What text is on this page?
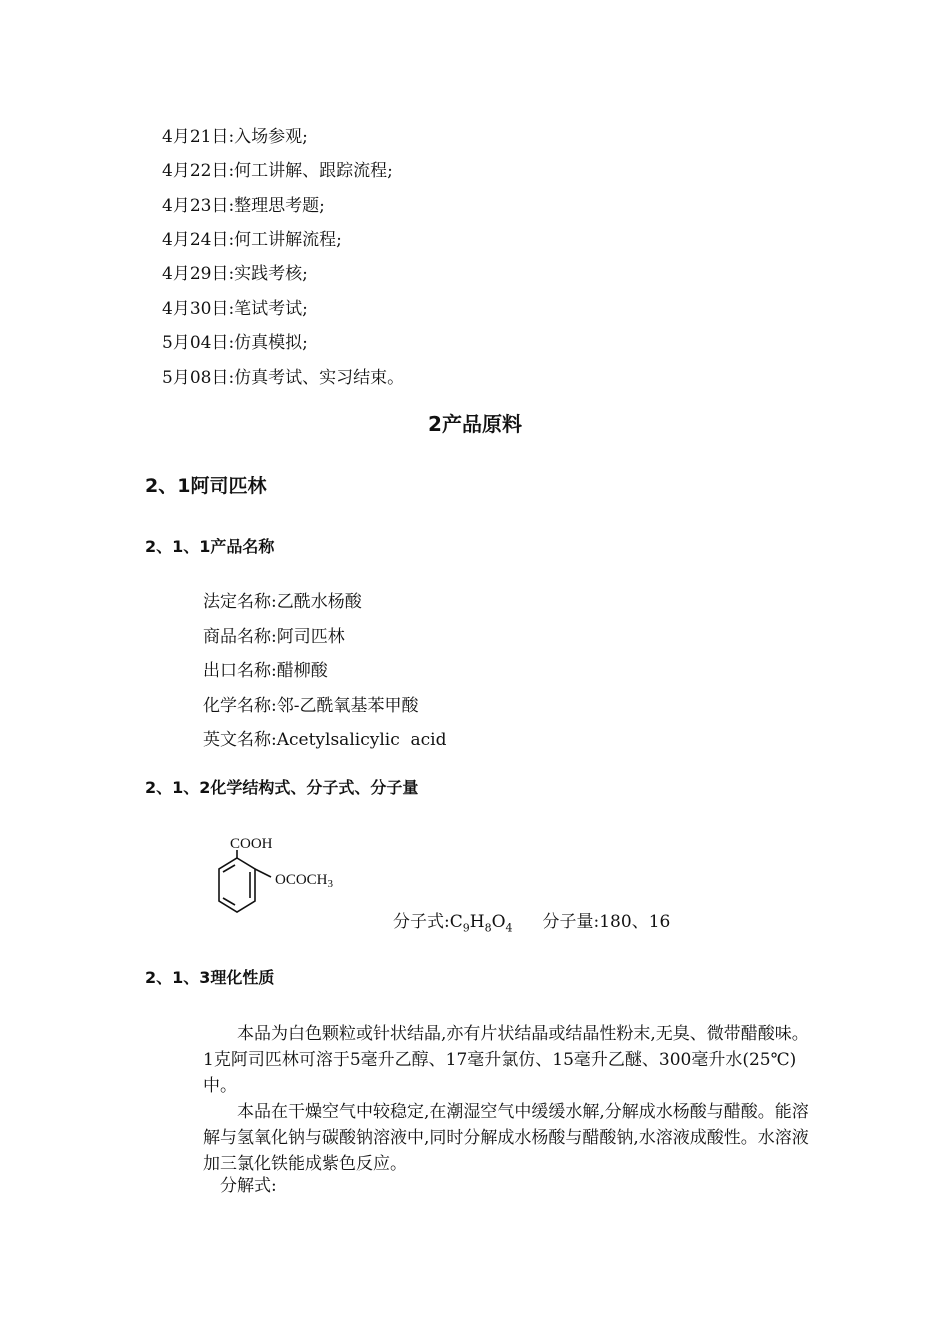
4月21日:入场参观;
4月22日:何工讲解、跟踪流程;
4月23日:整理思考题;
4月24日:何工讲解流程;
4月29日:实践考核;
4月30日:笔试考试;
5月04日:仿真模拟;
5月08日:仿真考试、实习结束。
2产品原料
2、1阿司匹林
2、1、1产品名称
法定名称:乙酰水杨酸
商品名称:阿司匹林
出口名称:醋柳酸
化学名称:邻-乙酰氧基苯甲酸
英文名称:Acetylsalicylic  acid
2、1、2化学结构式、分子式、分子量
COOH
$OCOCH_3$
分子式$:C_9H_8O_4$ 分子量:180、16
2、1、3理化性质

本品为白色颗粒或针状结晶,亦有片状结晶或结晶性粉末,无臭、微带醋酸味。1克阿司匹林可溶于5毫升乙醇、17毫升氯仿、15毫升乙醚、300毫升水(25℃)中。

本品在干燥空气中较稳定,在潮湿空气中缓缓水解,分解成水杨酸与醋酸。能溶解与氢氧化钠与碳酸钠溶液中,同时分解成水杨酸与醋酸钠,水溶液成酸性。水溶液加三氯化铁能成紫色反应。

分解式:
